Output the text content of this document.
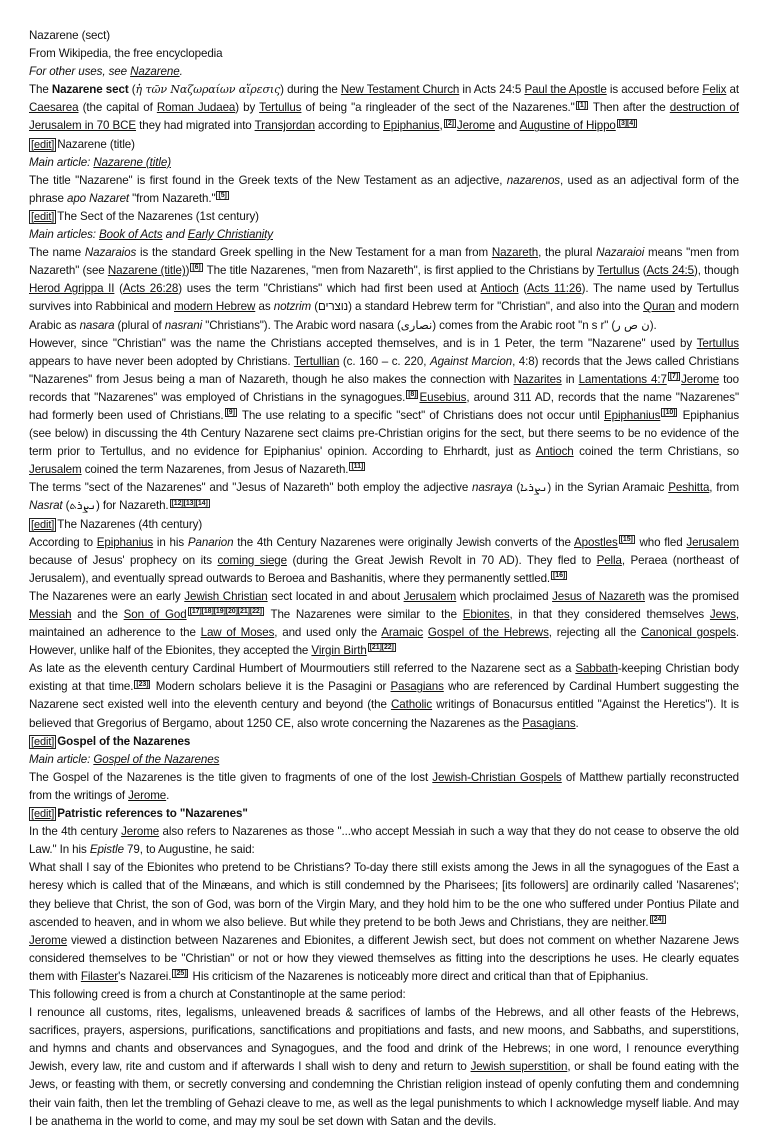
Nazarene (sect)

From Wikipedia, the free encyclopedia

For other uses, see Nazarene.

The Nazarene sect (ἡ τῶν Ναζωραίων αἵρεσις) during the New Testament Church in Acts 24:5 Paul the Apostle is accused before Felix at Caesarea (the capital of Roman Judaea) by Tertullus of being "a ringleader of the sect of the Nazarenes." [1] Then after the destruction of Jerusalem in 70 BCE they had migrated into Transjordan according to Epiphanius, [2] Jerome and Augustine of Hippo [3][4]

[edit] Nazarene (title)

Main article: Nazarene (title)

The title "Nazarene" is first found in the Greek texts of the New Testament as an adjective, nazarenos, used as an adjectival form of the phrase apo Nazaret "from Nazareth." [5]

[edit] The Sect of the Nazarenes (1st century)

Main articles: Book of Acts and Early Christianity

The name Nazaraios is the standard Greek spelling in the New Testament for a man from Nazareth, the plural Nazaraioi means "men from Nazareth" (see Nazarene (title)) [6] The title Nazarenes, "men from Nazareth", is first applied to the Christians by Tertullus (Acts 24:5), though Herod Agrippa II (Acts 26:28) uses the term "Christians" which had first been used at Antioch (Acts 11:26). The name used by Tertullus survives into Rabbinical and modern Hebrew as notzrim (נוצרים) a standard Hebrew term for "Christian", and also into the Quran and modern Arabic as nasara (plural of nasrani "Christians"). The Arabic word nasara (نصارى) comes from the Arabic root "n s r" (ن ص ر).

However, since "Christian" was the name the Christians accepted themselves, and is in 1 Peter, the term "Nazarene" used by Tertullus appears to have never been adopted by Christians. Tertullian (c. 160 – c. 220, Against Marcion, 4:8) records that the Jews called Christians "Nazarenes" from Jesus being a man of Nazareth, though he also makes the connection with Nazarites in Lamentations 4:7 [7] Jerome too records that "Nazarenes" was employed of Christians in the synagogues. [8] Eusebius, around 311 AD, records that the name "Nazarenes" had formerly been used of Christians. [9] The use relating to a specific "sect" of Christians does not occur until Epiphanius [10] Epiphanius (see below) in discussing the 4th Century Nazarene sect claims pre-Christian origins for the sect, but there seems to be no evidence of the term prior to Tertullus, and no evidence for Epiphanius' opinion. According to Ehrhardt, just as Antioch coined the term Christians, so Jerusalem coined the term Nazarenes, from Jesus of Nazareth. [11]

The terms "sect of the Nazarenes" and "Jesus of Nazareth" both employ the adjective nasraya (ܢܨܪܝܐ) in the Syrian Aramaic Peshitta, from Nasrat (ܢܨܪܬ) for Nazareth. [12][13][14]

[edit] The Nazarenes (4th century)

According to Epiphanius in his Panarion the 4th Century Nazarenes were originally Jewish converts of the Apostles [15] who fled Jerusalem because of Jesus' prophecy on its coming siege (during the Great Jewish Revolt in 70 AD). They fled to Pella, Peraea (northeast of Jerusalem), and eventually spread outwards to Beroea and Bashanitis, where they permanently settled. [16]

The Nazarenes were an early Jewish Christian sect located in and about Jerusalem which proclaimed Jesus of Nazareth was the promised Messiah and the Son of God [17][18][19][20][21][22] The Nazarenes were similar to the Ebionites, in that they considered themselves Jews, maintained an adherence to the Law of Moses, and used only the Aramaic Gospel of the Hebrews, rejecting all the Canonical gospels. However, unlike half of the Ebionites, they accepted the Virgin Birth [21][22]

As late as the eleventh century Cardinal Humbert of Mourmoutiers still referred to the Nazarene sect as a Sabbath-keeping Christian body existing at that time. [23] Modern scholars believe it is the Pasagini or Pasagians who are referenced by Cardinal Humbert suggesting the Nazarene sect existed well into the eleventh century and beyond (the Catholic writings of Bonacursus entitled "Against the Heretics"). It is believed that Gregorius of Bergamo, about 1250 CE, also wrote concerning the Nazarenes as the Pasagians.

[edit] Gospel of the Nazarenes

Main article: Gospel of the Nazarenes

The Gospel of the Nazarenes is the title given to fragments of one of the lost Jewish-Christian Gospels of Matthew partially reconstructed from the writings of Jerome.

[edit] Patristic references to "Nazarenes"

In the 4th century Jerome also refers to Nazarenes as those "...who accept Messiah in such a way that they do not cease to observe the old Law." In his Epistle 79, to Augustine, he said:

What shall I say of the Ebionites who pretend to be Christians? To-day there still exists among the Jews in all the synagogues of the East a heresy which is called that of the Minæans, and which is still condemned by the Pharisees; [its followers] are ordinarily called 'Nasarenes'; they believe that Christ, the son of God, was born of the Virgin Mary, and they hold him to be the one who suffered under Pontius Pilate and ascended to heaven, and in whom we also believe. But while they pretend to be both Jews and Christians, they are neither. [24]

Jerome viewed a distinction between Nazarenes and Ebionites, a different Jewish sect, but does not comment on whether Nazarene Jews considered themselves to be "Christian" or not or how they viewed themselves as fitting into the descriptions he uses. He clearly equates them with Filaster's Nazarei. [25] His criticism of the Nazarenes is noticeably more direct and critical than that of Epiphanius.

This following creed is from a church at Constantinople at the same period:

I renounce all customs, rites, legalisms, unleavened breads & sacrifices of lambs of the Hebrews, and all other feasts of the Hebrews, sacrifices, prayers, aspersions, purifications, sanctifications and propitiations and fasts, and new moons, and Sabbaths, and superstitions, and hymns and chants and observances and Synagogues, and the food and drink of the Hebrews; in one word, I renounce everything Jewish, every law, rite and custom and if afterwards I shall wish to deny and return to Jewish superstition, or shall be found eating with the Jews, or feasting with them, or secretly conversing and condemning the Christian religion instead of openly confuting them and condemning their vain faith, then let the trembling of Gehazi cleave to me, as well as the legal punishments to which I acknowledge myself liable. And may I be anathema in the world to come, and may my soul be set down with Satan and the devils.
